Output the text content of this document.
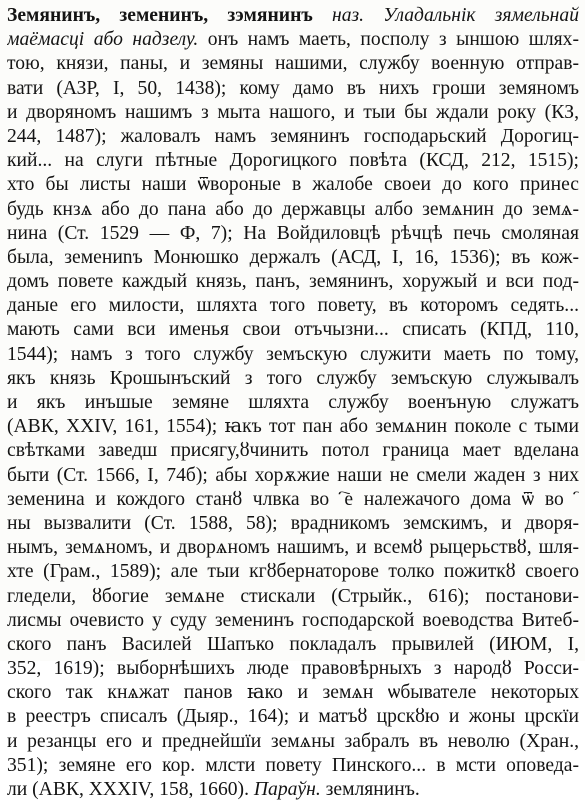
Земянинъ, земенинъ, зэмянинъ наз. Уладальнік зямельнай
маёмасці або надзелу. онъ намъ маеть, посполу з ыншою шлях-
тою, князи, паны, и земяны нашими, службу военную отправ-
вати (АЗР, I, 50, 1438); кому дамо въ нихъ грoши земяномъ
и дворяномъ нашимъ з мыта нашого, и тыи бы ждали року (КЗ,
244, 1487); жаловалъ намъ земянинъ господарьский Дорогиц-
кий... на слуги пѣтные Дорогицкого повѣта (КСД, 212, 1515);
хто бы листы наши ѿвороные в жалобе своеи до кого принес
будь кнзѧ абo дo пана абo дo державцы албо земѧнин дo земѧ-
нина (Ст. 1529 — Ф, 7); На Войдиловцѣ рѣчцѣ печь смоляная
была, земениnъ Монюшко держалъ (АСД, I, 16, 1536); въ кож-
домъ повете каждый князь, панъ, земянинъ, хоружый и вси под-
даные его милости, шляхта того повету, въ которомъ седять...
мають сами вси именья свои отъчызни... списать (КПД, 110,
1544); намъ з того службу земъскую служити маеть по тому,
якъ князь Крошынъский з того службу земъскую служывалъ
и якъ инъшые земяне шляхта службу военъную служатъ
(АВК, XXIV, 161, 1554); ꙗкъ тот пан або земѧнин поколе с тыми
свѣтками заведш присягу,ȣчинить потол граница мает вделана
быти (Ст. 1566, I, 74б); абы хорѫжие наши не смели жаден з них
земенина и кождого станȣ члвка воⷩ҇е належачого дома ѿ воⷭ҇
ны вызвалити (Ст. 1588, 58); врадникомъ земскимъ, и дворя-
нымъ, земѧномъ, и дворѧномъ нашимъ, и всемȣ рыцерьствȣ, шля-
хте (Грам., 1589); але тыи кгȣбернаторове толко пожиткȣ своего
гледели, ȣбогие земѧне стискали (Стрыйк., 616); постанови-
лисмы очевисто у суду земенинъ господарской воеводства Витеб-
ского панъ Василей Шапъко покладалъ прывилей (ИЮМ, I,
352, 1619); выборнѣшихъ люде правовѣрныхъ з народȣ Росси-
ского так кнѧжат панов ꙗко и земѧн ѡбывателе некоторых
в реестръ списалъ (Дыяр., 164); и матъȣ црскȣю и жоны црскїи
и резанцы его и преднейшїи земѧны забралъ въ неволю (Хран.,
351); земяне его кор. млсти повету Пинского... в мсти оповеда-
ли (АВК, XXXIV, 158, 1660). Параўн. землянинъ.
